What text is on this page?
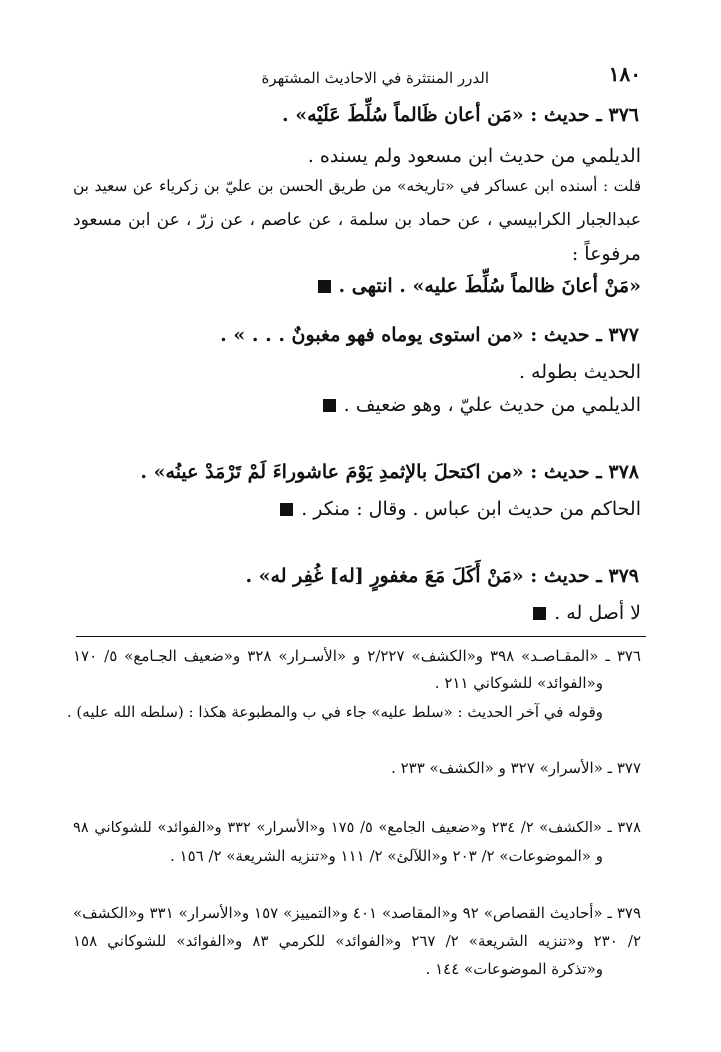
١٨٠
الدرر المنتثرة في الاحاديث المشتهرة
٣٧٦ ـ حديث : «مَن أعان ظَالماً سُلِّطَ عَلَيْه» .
الديلمي من حديث ابن مسعود ولم يسنده .
قلت : أسنده ابن عساكر في «تاريخه» من طريق الحسن بن عليّ بن زكرياء عن سعيد بن
عبدالجبار الكرابيسي ، عن حماد بن سلمة ، عن عاصم ، عن زرّ ، عن ابن مسعود
مرفوعاً :
«مَنْ أعانَ ظالماً سُلِّطَ عليه» . انتهى .
٣٧٧ ـ حديث : «من استوى يوماه فهو مغبونٌ . . . » .
الحديث بطوله .
الديلمي من حديث عليّ ، وهو ضعيف .
٣٧٨ ـ حديث : «من اكتحلَ بالإثمدِ يَوْمَ عاشوراءَ لَمْ تَرْمَدْ عينُه» .
الحاكم من حديث ابن عباس . وقال : منكر .
٣٧٩ ـ حديث : «مَنْ أَكَلَ مَعَ مغفورٍ [له] غُفِر له» .
لا أصل له .
٣٧٦ ـ «المقـاصـد» ٣٩٨ و«الكشف» ٢/٢٢٧ و «الأسـرار» ٣٢٨ و«ضعيف الجـامع» ٥/ ١٧٠
و«الفوائد» للشوكاني ٢١١ .
وقوله في آخر الحديث : «سلط عليه» جاء في ب والمطبوعة هكذا : (سلطه الله عليه) .
٣٧٧ ـ «الأسرار» ٣٢٧ و «الكشف» ٢٣٣ .
٣٧٨ ـ «الكشف» ٢/ ٢٣٤ و«ضعيف الجامع» ٥/ ١٧٥ و«الأسرار» ٣٣٢ و«الفوائد» للشوكاني ٩٨
و «الموضوعات» ٢/ ٢٠٣ و«اللآلئ» ٢/ ١١١ و«تنزيه الشريعة» ٢/ ١٥٦ .
٣٧٩ ـ «أحاديث القصاص» ٩٢ و«المقاصد» ٤٠١ و«التمييز» ١٥٧ و«الأسرار» ٣٣١ و«الكشف»
٢/ ٢٣٠ و«تنزيه الشريعة» ٢/ ٢٦٧ و«الفوائد» للكرمي ٨٣ و«الفوائد» للشوكاني ١٥٨
و«تذكرة الموضوعات» ١٤٤ .
